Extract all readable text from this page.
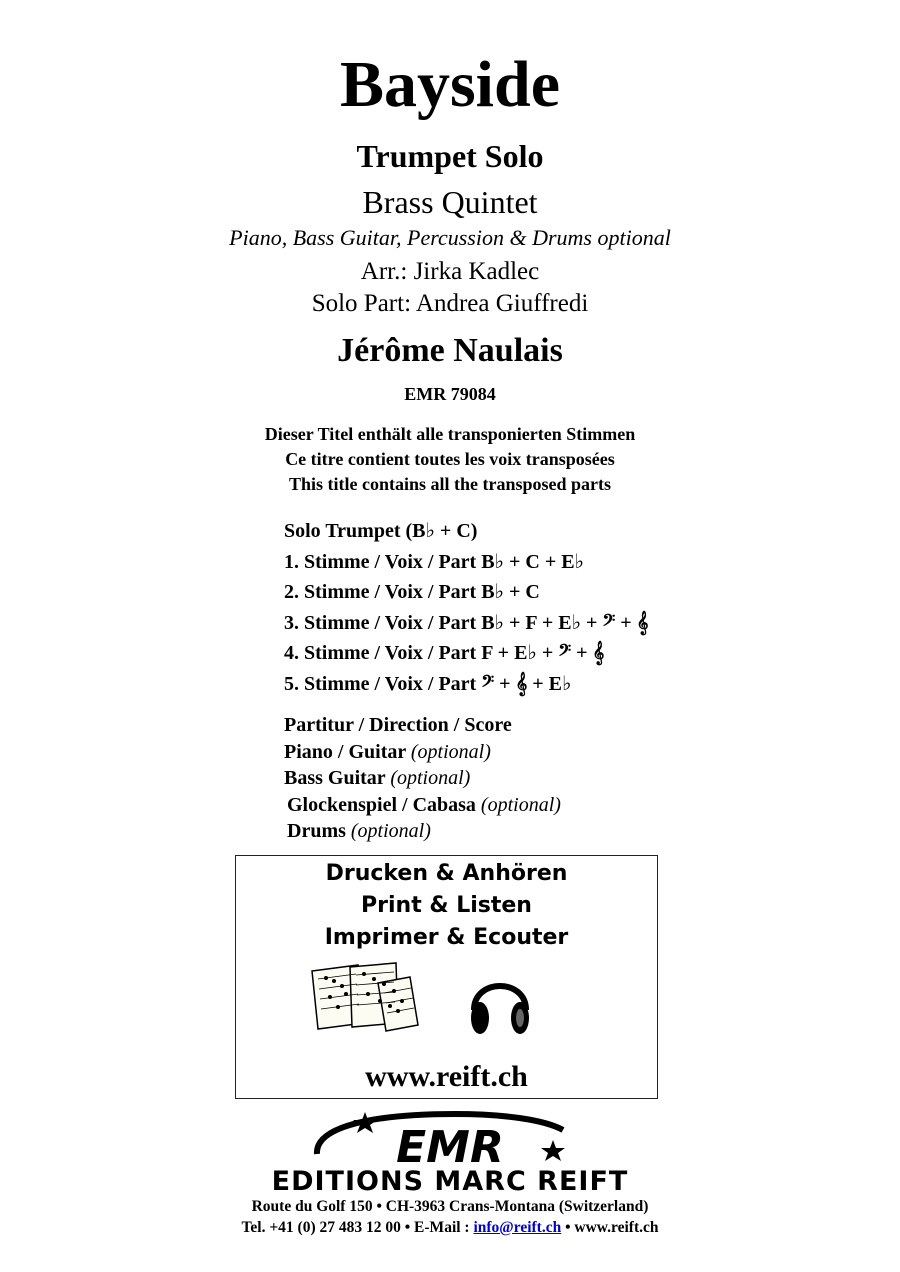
Bayside
Trumpet Solo
Brass Quintet
Piano, Bass Guitar, Percussion & Drums optional
Arr.: Jirka Kadlec
Solo Part: Andrea Giuffredi
Jérôme Naulais
EMR 79084
Dieser Titel enthält alle transponierten Stimmen
Ce titre contient toutes les voix transposées
This title contains all the transposed parts
Solo Trumpet (B♭ + C)
1. Stimme / Voix / Part B♭ + C + E♭
2. Stimme / Voix / Part B♭ + C
3. Stimme / Voix / Part B♭ + F + E♭ + 𝄢 + 𝄞
4. Stimme / Voix / Part F + E♭ + 𝄢 + 𝄞
5. Stimme / Voix / Part 𝄢 + 𝄞 + E♭
Partitur / Direction / Score
Piano / Guitar (optional)
Bass Guitar (optional)
Glockenspiel / Cabasa (optional)
Drums (optional)
Drucken & Anhören
Print & Listen
Imprimer & Ecouter
www.reift.ch
EMR
EDITIONS MARC REIFT
Route du Golf 150 • CH-3963 Crans-Montana (Switzerland)
Tel. +41 (0) 27 483 12 00 • E-Mail : info@reift.ch • www.reift.ch
